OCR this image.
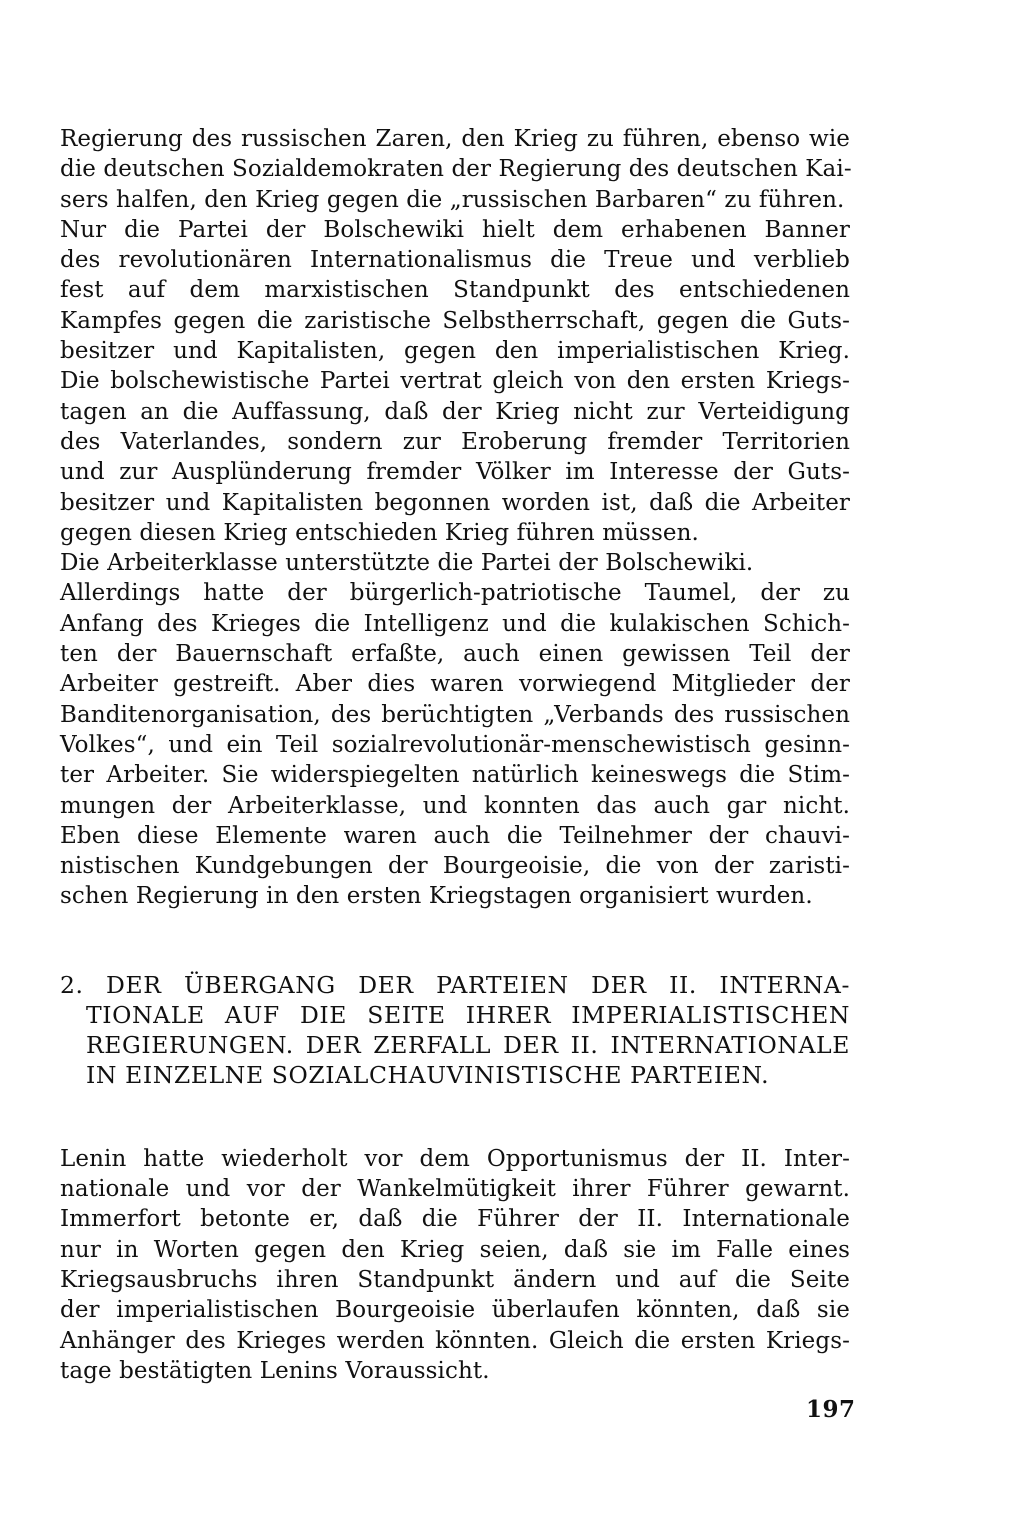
Regierung des russischen Zaren, den Krieg zu führen, ebenso wie
die deutschen Sozialdemokraten der Regierung des deutschen Kai-
sers halfen, den Krieg gegen die „russischen Barbaren“ zu führen.
Nur die Partei der Bolschewiki hielt dem erhabenen Banner
des revolutionären Internationalismus die Treue und verblieb
fest auf dem marxistischen Standpunkt des entschiedenen
Kampfes gegen die zaristische Selbstherrschaft, gegen die Guts-
besitzer und Kapitalisten, gegen den imperialistischen Krieg.
Die bolschewistische Partei vertrat gleich von den ersten Kriegs-
tagen an die Auffassung, daß der Krieg nicht zur Verteidigung
des Vaterlandes, sondern zur Eroberung fremder Territorien
und zur Ausplünderung fremder Völker im Interesse der Guts-
besitzer und Kapitalisten begonnen worden ist, daß die Arbeiter
gegen diesen Krieg entschieden Krieg führen müssen.
Die Arbeiterklasse unterstützte die Partei der Bolschewiki.
Allerdings hatte der bürgerlich-patriotische Taumel, der zu
Anfang des Krieges die Intelligenz und die kulakischen Schich-
ten der Bauernschaft erfaßte, auch einen gewissen Teil der
Arbeiter gestreift. Aber dies waren vorwiegend Mitglieder der
Banditenorganisation, des berüchtigten „Verbands des russischen
Volkes“, und ein Teil sozialrevolutionär-menschewistisch gesinn-
ter Arbeiter. Sie widerspiegelten natürlich keineswegs die Stim-
mungen der Arbeiterklasse, und konnten das auch gar nicht.
Eben diese Elemente waren auch die Teilnehmer der chauvi-
nistischen Kundgebungen der Bourgeoisie, die von der zaristi-
schen Regierung in den ersten Kriegstagen organisiert wurden.
2. DER ÜBERGANG DER PARTEIEN DER II. INTERNA-
TIONALE AUF DIE SEITE IHRER IMPERIALISTISCHEN
REGIERUNGEN. DER ZERFALL DER II. INTERNATIONALE
IN EINZELNE SOZIALCHAUVINISTISCHE PARTEIEN.
Lenin hatte wiederholt vor dem Opportunismus der II. Inter-
nationale und vor der Wankelmütigkeit ihrer Führer gewarnt.
Immerfort betonte er, daß die Führer der II. Internationale
nur in Worten gegen den Krieg seien, daß sie im Falle eines
Kriegsausbruchs ihren Standpunkt ändern und auf die Seite
der imperialistischen Bourgeoisie überlaufen könnten, daß sie
Anhänger des Krieges werden könnten. Gleich die ersten Kriegs-
tage bestätigten Lenins Voraussicht.
197
